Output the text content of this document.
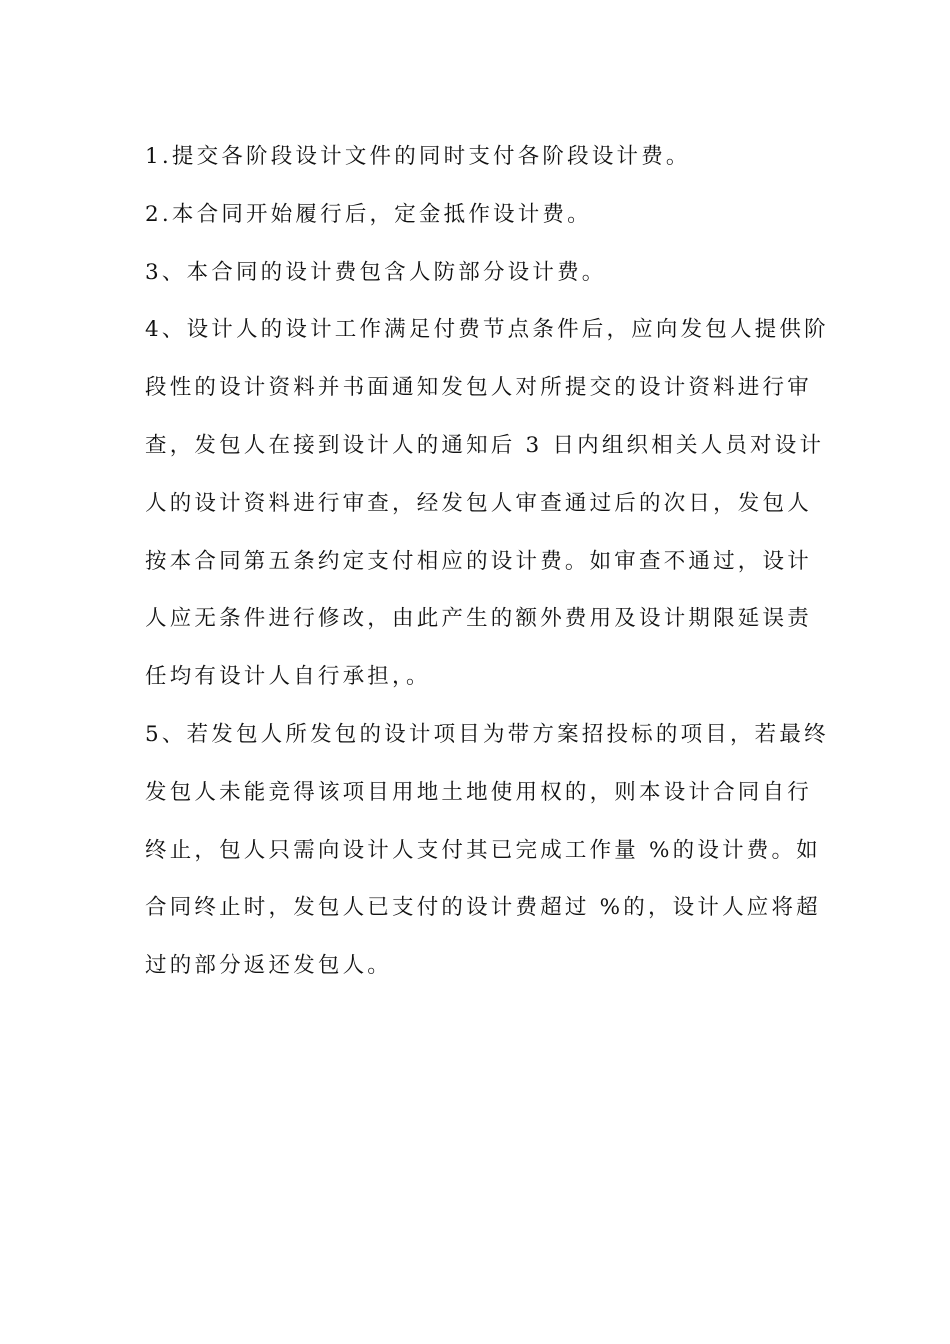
1.提交各阶段设计文件的同时支付各阶段设计费。
2.本合同开始履行后，定金抵作设计费。
3、本合同的设计费包含人防部分设计费。
4、设计人的设计工作满足付费节点条件后，应向发包人提供阶
段性的设计资料并书面通知发包人对所提交的设计资料进行审
查，发包人在接到设计人的通知后 3 日内组织相关人员对设计
人的设计资料进行审查，经发包人审查通过后的次日，发包人
按本合同第五条约定支付相应的设计费。如审查不通过，设计
人应无条件进行修改，由此产生的额外费用及设计期限延误责
任均有设计人自行承担，。
5、若发包人所发包的设计项目为带方案招投标的项目，若最终
发包人未能竞得该项目用地土地使用权的，则本设计合同自行
终止，包人只需向设计人支付其已完成工作量 %的设计费。如
合同终止时，发包人已支付的设计费超过 %的，设计人应将超
过的部分返还发包人。
